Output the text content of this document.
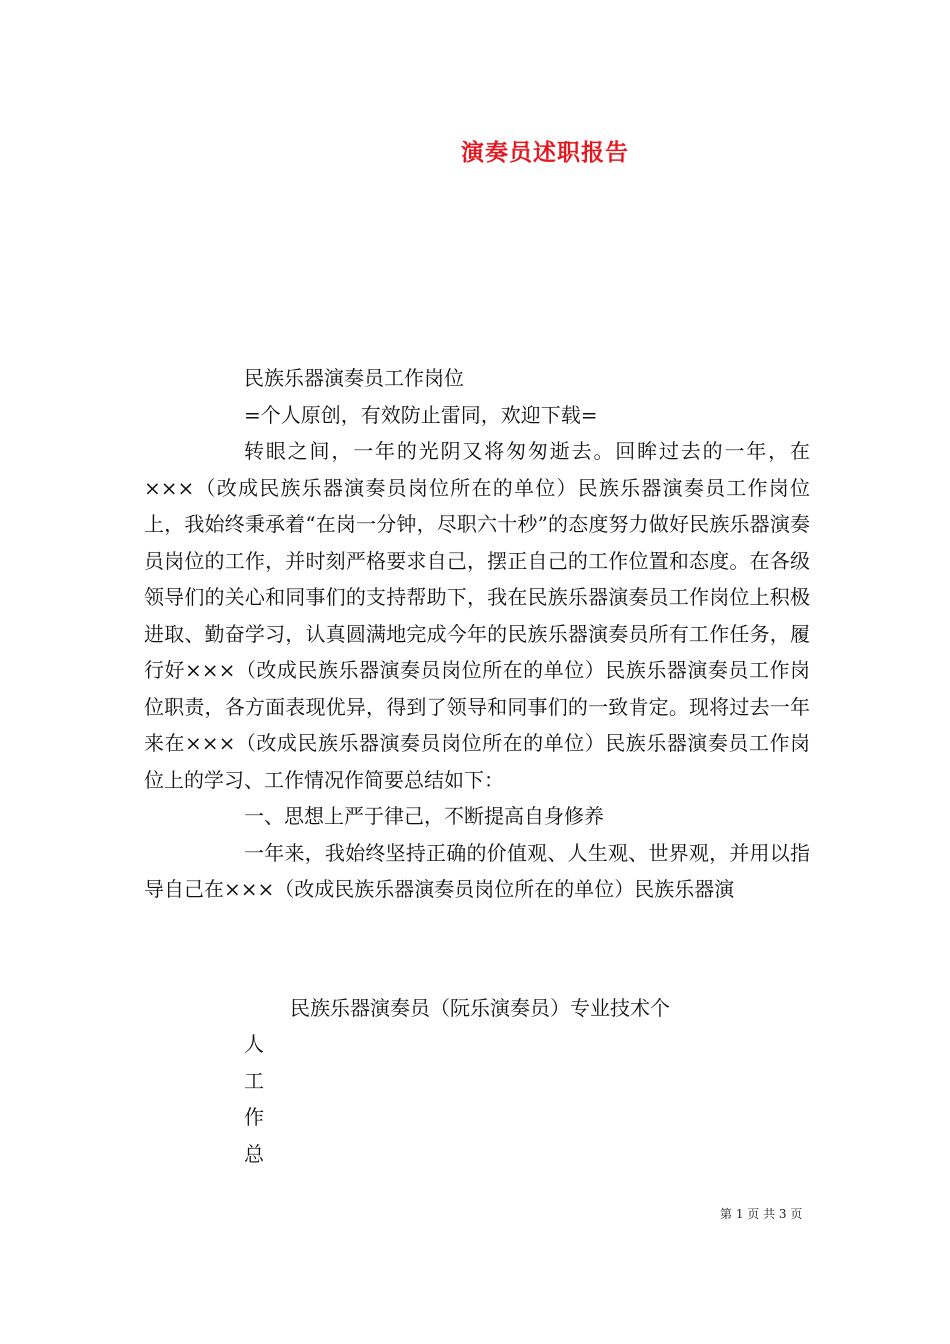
演奏员述职报告

民族乐器演奏员工作岗位

=个人原创，有效防止雷同，欢迎下载=

转眼之间，一年的光阴又将匆匆逝去。回眸过去的一年，在×××（改成民族乐器演奏员岗位所在的单位）民族乐器演奏员工作岗位上，我始终秉承着“在岗一分钟，尽职六十秒”的态度努力做好民族乐器演奏员岗位的工作，并时刻严格要求自己，摆正自己的工作位置和态度。在各级领导们的关心和同事们的支持帮助下，我在民族乐器演奏员工作岗位上积极进取、勤奋学习，认真圆满地完成今年的民族乐器演奏员所有工作任务，履行好×××（改成民族乐器演奏员岗位所在的单位）民族乐器演奏员工作岗位职责，各方面表现优异，得到了领导和同事们的一致肯定。现将过去一年来在×××（改成民族乐器演奏员岗位所在的单位）民族乐器演奏员工作岗位上的学习、工作情况作简要总结如下：

一、思想上严于律己，不断提高自身修养

一年来，我始终坚持正确的价值观、人生观、世界观，并用以指导自己在×××（改成民族乐器演奏员岗位所在的单位）民族乐器演

民族乐器演奏员（阮乐演奏员）专业技术个
人
工
作
总
第 1 页 共 3 页
